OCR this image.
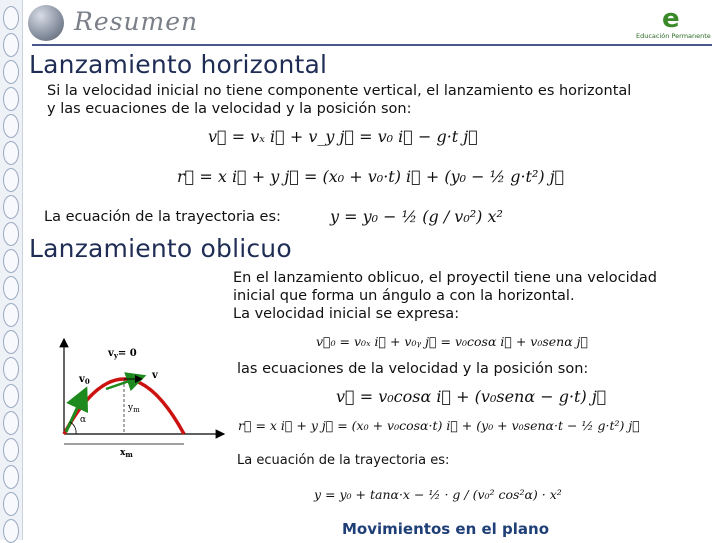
Resumen	e
Educación Permanente
Lanzamiento horizontal
Si la velocidad inicial no tiene componente vertical, el lanzamiento es horizontal
y las ecuaciones de la velocidad y la posición son:
v⃗ = vₓ i⃗ + v_y j⃗ = v₀ i⃗ − g·t j⃗
r⃗ = x i⃗ + y j⃗ = (x₀ + v₀·t) i⃗ + (y₀ − ½ g·t²) j⃗
La ecuación de la trayectoria es:	y = y₀ − ½ (g / v₀²) x²
Lanzamiento oblicuo
En el lanzamiento oblicuo, el proyectil tiene una velocidad
inicial que forma un ángulo a con la horizontal.
La velocidad inicial se expresa:
v⃗₀ = v₀ₓ i⃗ + v₀ᵧ j⃗ = v₀cosα i⃗ + v₀senα j⃗
las ecuaciones de la velocidad y la posición son:
v⃗ = v₀cosα i⃗ + (v₀senα − g·t) j⃗
r⃗ = x i⃗ + y j⃗ = (x₀ + v₀cosα·t) i⃗ + (y₀ + v₀senα·t − ½ g·t²) j⃗
La ecuación de la trayectoria es:
y = y₀ + tanα·x − ½ · g / (v₀² cos²α) · x²
$v_y= 0$
$v_0$
v
$y_m$
α
$x_m$
Movimientos en el plano
